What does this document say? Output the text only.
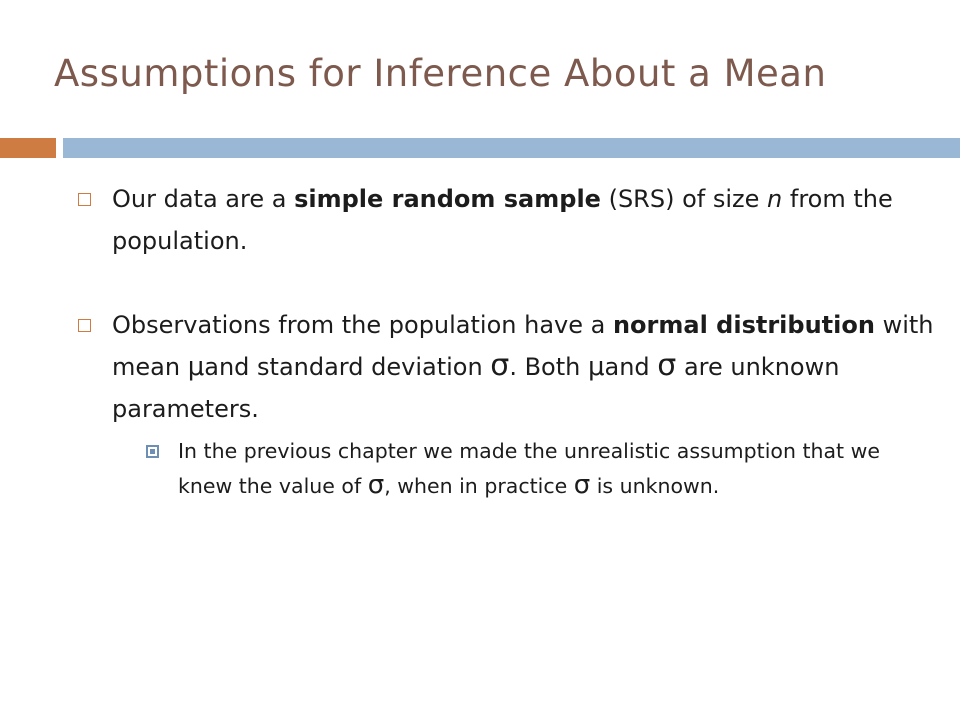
Assumptions for Inference About a Mean
Our data are a simple random sample (SRS) of size n from the population.
Observations from the population have a normal distribution with mean μand standard deviation σ. Both μand σ are unknown parameters.
In the previous chapter we made the unrealistic assumption that we knew the value of σ, when in practice σ is unknown.
